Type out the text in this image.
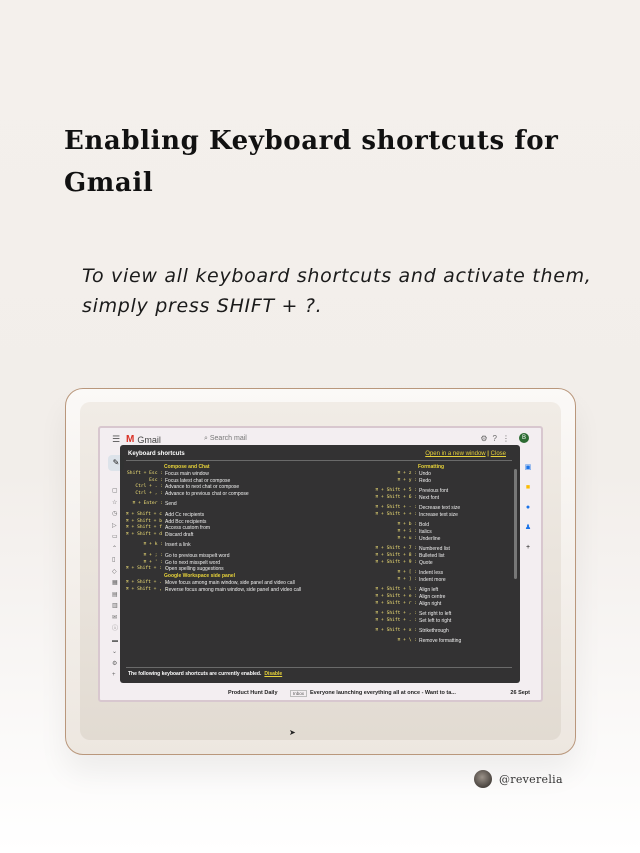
Enabling Keyboard shortcuts for Gmail
To view all keyboard shortcuts and activate them, simply press SHIFT + ?.
☰ M Gmail	⌕ Search mail	⚙?⋮	B
✎
▢
☆
◷
▷
▭
⌃
▯
◇
▦
▤
▥
✉
ⓘ
▬
⌄
⚙
+
▣
■
●
♟
+
Product Hunt Daily	Inbox	Everyone launching everything all at once - Want to ta...	26 Sept
Keyboard shortcuts	Open in a new window | Close
Compose and Chat
Shift + Esc : Focus main window
Esc : Focus latest chat or compose
Ctrl + . : Advance to next chat or compose
Ctrl + , : Advance to previous chat or compose
⌘ + Enter : Send
⌘ + Shift + c :
Add Cc recipients
⌘ + Shift + b :
Add Bcc recipients
⌘ + Shift + f :
Access custom from
⌘ + Shift + d :
Discard draft
⌘ + k : Insert a link
⌘ + ; : Go to previous misspelt word
⌘ + ' : Go to next misspelt word
⌘ + Shift + : :
Open spelling suggestions
Google Workspace side panel
⌘ + Shift + . :
Move focus among main window, side panel and video call
⌘ + Shift + , :
Reverse focus among main window, side panel and video call
Formatting
⌘ + z : Undo
⌘ + y : Redo
⌘ + Shift + 5 : Previous font
⌘ + Shift + 6 : Next font
⌘ + Shift + - : Decrease text size
⌘ + Shift + + : Increase text size
⌘ + b : Bold
⌘ + i : Italics
⌘ + u : Underline
⌘ + Shift + 7 : Numbered list
⌘ + Shift + 8 : Bulleted list
⌘ + Shift + 9 : Quote
⌘ + [ : Indent less
⌘ + ] : Indent more
⌘ + Shift + l : Align left
⌘ + Shift + e : Align centre
⌘ + Shift + r : Align right
⌘ + Shift + , : Set right to left
⌘ + Shift + . : Set left to right
⌘ + Shift + x : Strikethrough
⌘ + \ : Remove formatting
The following keyboard shortcuts are currently enabled. Disable
➤
@reverelia
